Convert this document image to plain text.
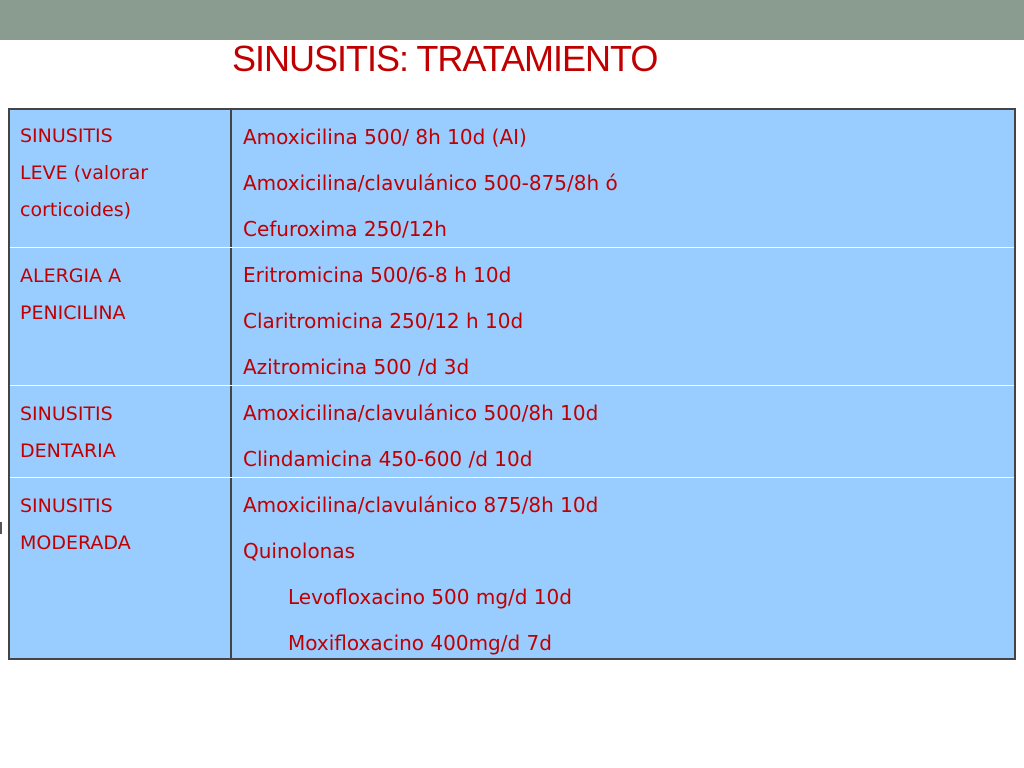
SINUSITIS: TRATAMIENTO
SINUSITIS
LEVE (valorar
corticoides)
Amoxicilina 500/ 8h 10d (AI)
Amoxicilina/clavulánico 500-875/8h ó
Cefuroxima 250/12h
ALERGIA A
PENICILINA
Eritromicina 500/6-8 h 10d
Claritromicina 250/12 h 10d
Azitromicina 500 /d 3d
SINUSITIS
DENTARIA
Amoxicilina/clavulánico 500/8h 10d
Clindamicina 450-600 /d 10d
SINUSITIS
MODERADA
Amoxicilina/clavulánico 875/8h 10d
Quinolonas
Levofloxacino 500 mg/d 10d
Moxifloxacino 400mg/d 7d
